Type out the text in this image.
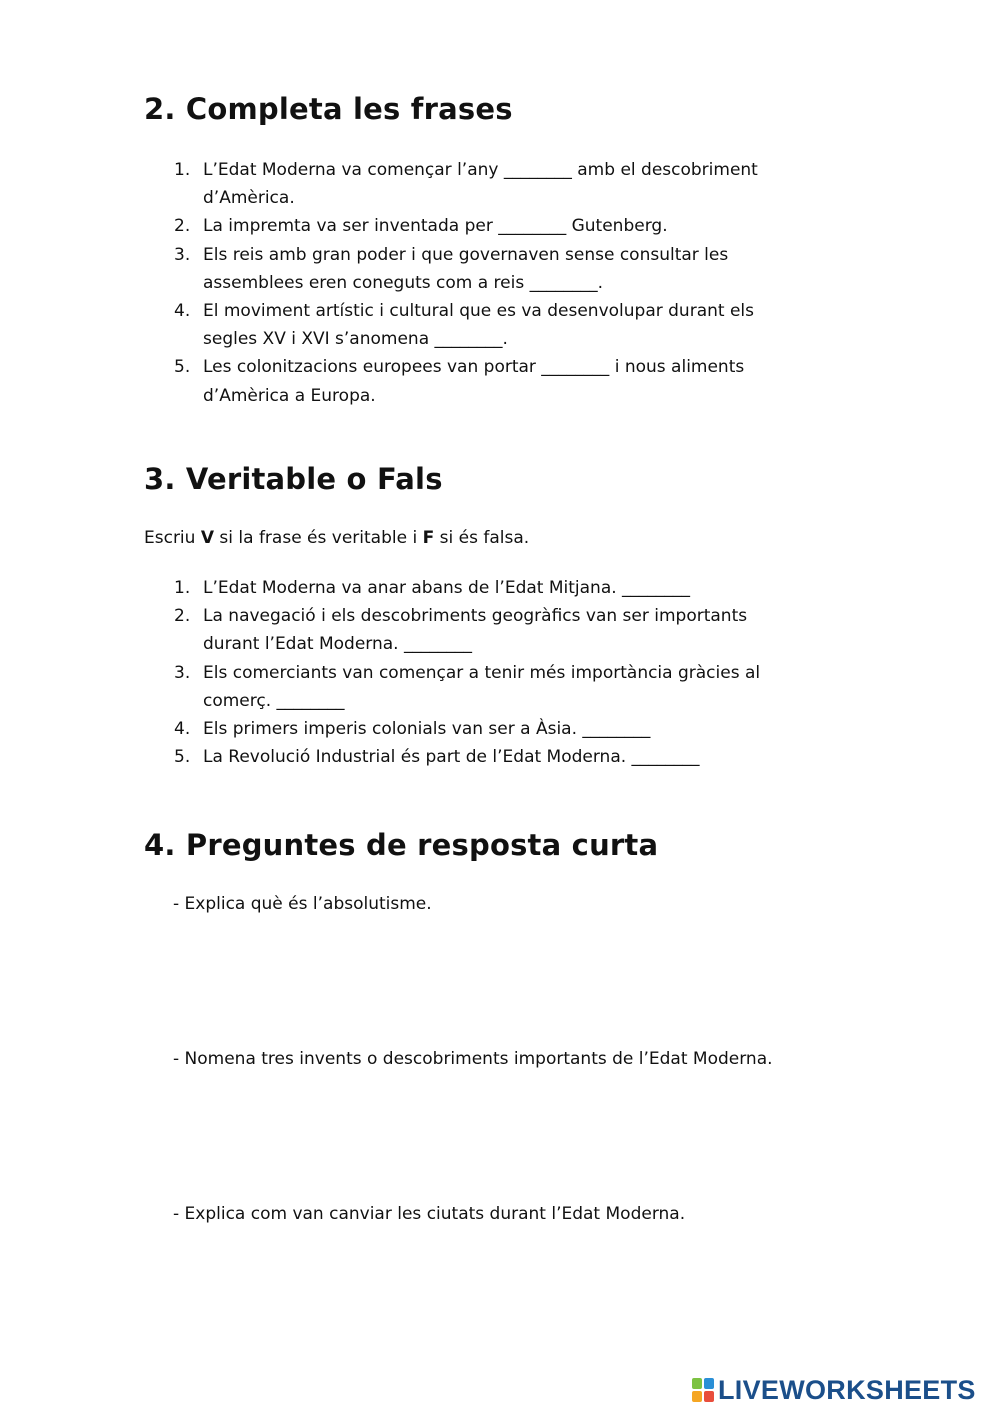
2. Completa les frases
1. L’Edat Moderna va començar l’any ________ amb el descobriment
d’Amèrica.
2. La impremta va ser inventada per ________ Gutenberg.
3. Els reis amb gran poder i que governaven sense consultar les
assemblees eren coneguts com a reis ________.
4. El moviment artístic i cultural que es va desenvolupar durant els
segles XV i XVI s’anomena ________.
5. Les colonitzacions europees van portar ________ i nous aliments
d’Amèrica a Europa.
3. Veritable o Fals

Escriu V si la frase és veritable i F si és falsa.

1. L’Edat Moderna va anar abans de l’Edat Mitjana. ________
2. La navegació i els descobriments geogràfics van ser importants
durant l’Edat Moderna. ________
3. Els comerciants van començar a tenir més importància gràcies al
comerç. ________
4. Els primers imperis colonials van ser a Àsia. ________
5. La Revolució Industrial és part de l’Edat Moderna. ________
4. Preguntes de resposta curta

- Explica què és l’absolutisme.

- Nomena tres invents o descobriments importants de l’Edat Moderna.

- Explica com van canviar les ciutats durant l’Edat Moderna.

LIVEWORKSHEETS
